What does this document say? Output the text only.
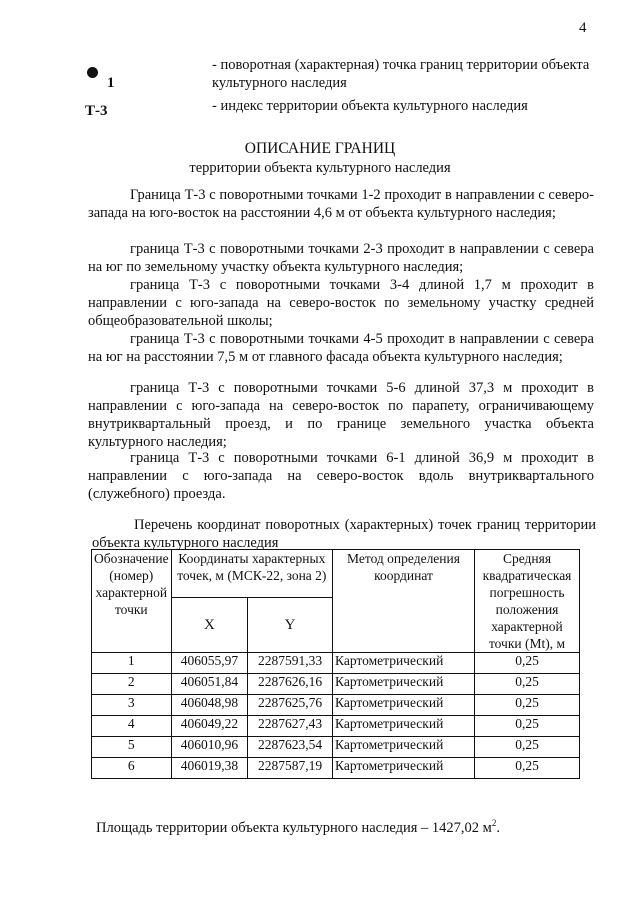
4
1
- поворотная (характерная) точка границ территории объекта культурного наследия
Т-3	- индекс территории объекта культурного наследия
ОПИСАНИЕ ГРАНИЦ
территории объекта культурного наследия
Граница Т-3 с поворотными точками 1-2 проходит в направлении с северо-запада на юго-восток на расстоянии 4,6 м от объекта культурного наследия;
граница Т-3 с поворотными точками 2-3 проходит в направлении с севера на юг по земельному участку объекта культурного наследия;
граница Т-3 с поворотными точками 3-4 длиной 1,7 м проходит в направлении с юго-запада на северо-восток по земельному участку средней общеобразовательной школы;
граница Т-3 с поворотными точками 4-5 проходит в направлении с севера на юг на расстоянии 7,5 м от главного фасада объекта культурного наследия;
граница Т-3 с поворотными точками 5-6 длиной 37,3 м проходит в направлении с юго-запада на северо-восток по парапету, ограничивающему внутриквартальный проезд, и по границе земельного участка объекта культурного наследия;
граница Т-3 с поворотными точками 6-1 длиной 36,9 м проходит в направлении с юго-запада на северо-восток вдоль внутриквартального (служебного) проезда.
Перечень координат поворотных (характерных) точек границ территории объекта культурного наследия
Обозначение (номер) характерной точки	Координаты характерных точек, м (МСК-22, зона 2)		Метод определения координат	Средняя квадратическая погрешность положения характерной точки (Mt), м
	X	Y		
1	406055,97	2287591,33	Картометрический	0,25
2	406051,84	2287626,16	Картометрический	0,25
3	406048,98	2287625,76	Картометрический	0,25
4	406049,22	2287627,43	Картометрический	0,25
5	406010,96	2287623,54	Картометрический	0,25
6	406019,38	2287587,19	Картометрический	0,25
Площадь территории объекта культурного наследия – 1427,02 $м^2$.
